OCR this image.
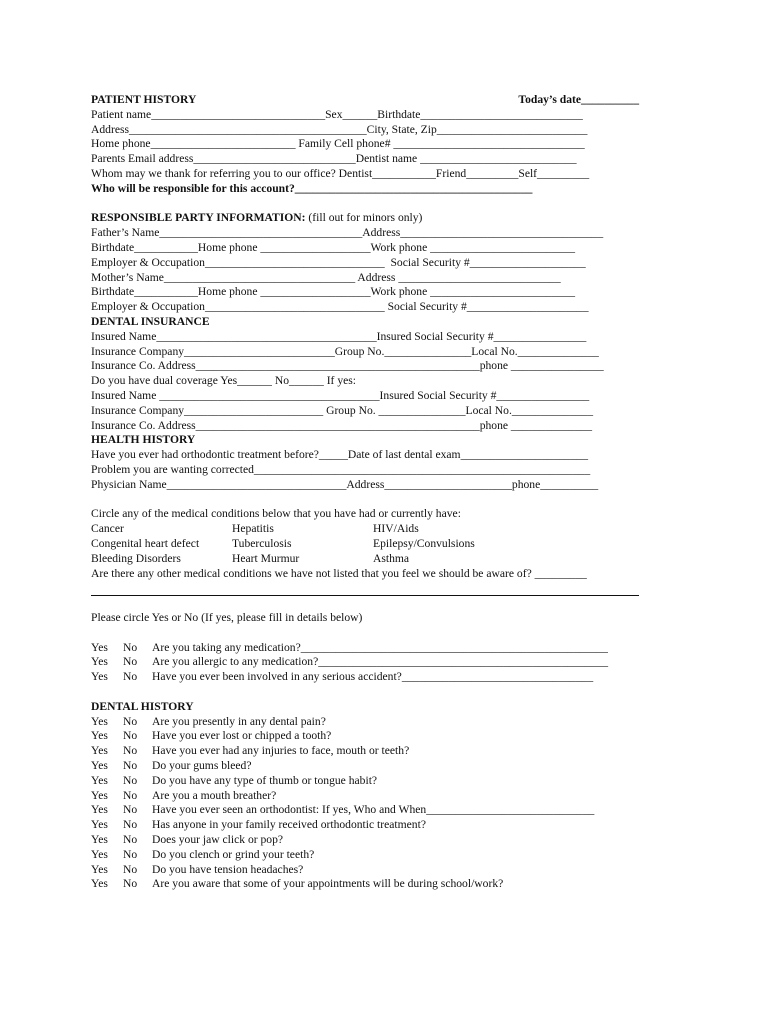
PATIENT HISTORY	Today’s date__________
Patient name______________________________Sex______Birthdate____________________________
Address_________________________________________City, State, Zip__________________________
Home phone_________________________ Family Cell phone# _________________________________
Parents Email address____________________________Dentist name ___________________________
Whom may we thank for referring you to our office? Dentist___________Friend_________Self_________
Who will be responsible for this account?_________________________________________
RESPONSIBLE PARTY INFORMATION: (fill out for minors only)
Father’s Name___________________________________Address___________________________________
Birthdate___________Home phone ___________________Work phone _________________________
Employer & Occupation_______________________________  Social Security #____________________
Mother’s Name_________________________________ Address ____________________________
Birthdate___________Home phone ___________________Work phone _________________________
Employer & Occupation_______________________________ Social Security #_____________________
DENTAL INSURANCE
Insured Name______________________________________Insured Social Security #________________
Insurance Company__________________________Group No._______________Local No.______________
Insurance Co. Address_________________________________________________phone ________________
Do you have dual coverage Yes______ No______ If yes:
Insured Name ______________________________________Insured Social Security #________________
Insurance Company________________________ Group No. _______________Local No.______________
Insurance Co. Address_________________________________________________phone ______________
HEALTH HISTORY
Have you ever had orthodontic treatment before?_____Date of last dental exam______________________
Problem you are wanting corrected__________________________________________________________
Physician Name_______________________________Address______________________phone__________
Circle any of the medical conditions below that you have had or currently have:
Cancer	Hepatitis	HIV/Aids
Congenital heart defect	Tuberculosis	Epilepsy/Convulsions
Bleeding Disorders	Heart Murmur	Asthma
Are there any other medical conditions we have not listed that you feel we should be aware of? _________
Please circle Yes or No (If yes, please fill in details below)
Yes	No	Are you taking any medication?_____________________________________________________
Yes	No	Are you allergic to any medication?__________________________________________________
Yes	No	Have you ever been involved in any serious accident?_________________________________
DENTAL HISTORY
Yes	No	Are you presently in any dental pain?
Yes	No	Have you ever lost or chipped a tooth?
Yes	No	Have you ever had any injuries to face, mouth or teeth?
Yes	No	Do your gums bleed?
Yes	No	Do you have any type of thumb or tongue habit?
Yes	No	Are you a mouth breather?
Yes	No	Have you ever seen an orthodontist: If yes, Who and When_____________________________
Yes	No	Has anyone in your family received orthodontic treatment?
Yes	No	Does your jaw click or pop?
Yes	No	Do you clench or grind your teeth?
Yes	No	Do you have tension headaches?
Yes	No	Are you aware that some of your appointments will be during school/work?
